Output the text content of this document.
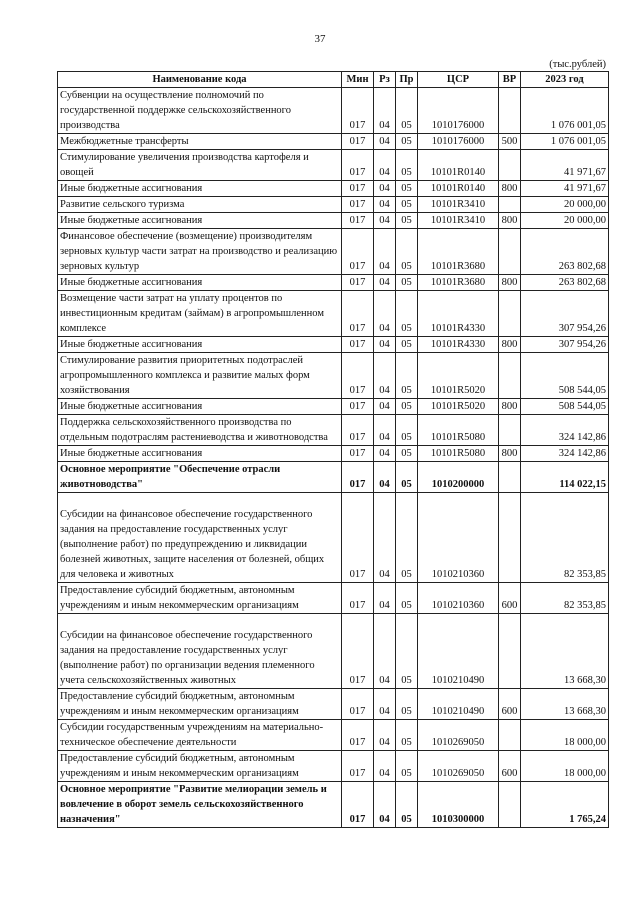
37
(тыс.рублей)
Наименование кода	Мин	Рз	Пр	ЦСР	ВР	2023 год
Субвенции на осуществление полномочий по государственной поддержке сельскохозяйственного производства	017	04	05	1010176000		1 076 001,05
Межбюджетные трансферты	017	04	05	1010176000	500	1 076 001,05
Стимулирование увеличения производства картофеля и овощей	017	04	05	10101R0140		41 971,67
Иные бюджетные ассигнования	017	04	05	10101R0140	800	41 971,67
Развитие сельского туризма	017	04	05	10101R3410		20 000,00
Иные бюджетные ассигнования	017	04	05	10101R3410	800	20 000,00
Финансовое обеспечение (возмещение) производителям зерновых культур части затрат на производство и реализацию зерновых культур	017	04	05	10101R3680		263 802,68
Иные бюджетные ассигнования	017	04	05	10101R3680	800	263 802,68
Возмещение части затрат на уплату процентов по инвестиционным кредитам (займам) в агропромышленном комплексе	017	04	05	10101R4330		307 954,26
Иные бюджетные ассигнования	017	04	05	10101R4330	800	307 954,26
Стимулирование развития приоритетных подотраслей агропромышленного комплекса и развитие малых форм хозяйствования	017	04	05	10101R5020		508 544,05
Иные бюджетные ассигнования	017	04	05	10101R5020	800	508 544,05
Поддержка сельскохозяйственного производства по отдельным подотраслям растениеводства и животноводства	017	04	05	10101R5080		324 142,86
Иные бюджетные ассигнования	017	04	05	10101R5080	800	324 142,86
Основное мероприятие "Обеспечение отрасли животноводства"	017	04	05	1010200000		114 022,15

Субсидии на финансовое обеспечение государственного задания на предоставление государственных услуг (выполнение работ) по предупреждению и ликвидации болезней животных, защите населения от болезней, общих для человека и животных	017	04	05	1010210360		82 353,85
Предоставление субсидий бюджетным, автономным учреждениям и иным некоммерческим организациям	017	04	05	1010210360	600	82 353,85

Субсидии на финансовое обеспечение государственного задания на предоставление государственных услуг (выполнение работ) по организации ведения племенного учета сельскохозяйственных животных	017	04	05	1010210490		13 668,30
Предоставление субсидий бюджетным, автономным учреждениям и иным некоммерческим организациям	017	04	05	1010210490	600	13 668,30
Субсидии государственным учреждениям на материально-техническое обеспечение деятельности	017	04	05	1010269050		18 000,00
Предоставление субсидий бюджетным, автономным учреждениям и иным некоммерческим организациям	017	04	05	1010269050	600	18 000,00
Основное мероприятие "Развитие мелиорации земель и вовлечение в оборот земель сельскохозяйственного назначения"	017	04	05	1010300000		1 765,24
